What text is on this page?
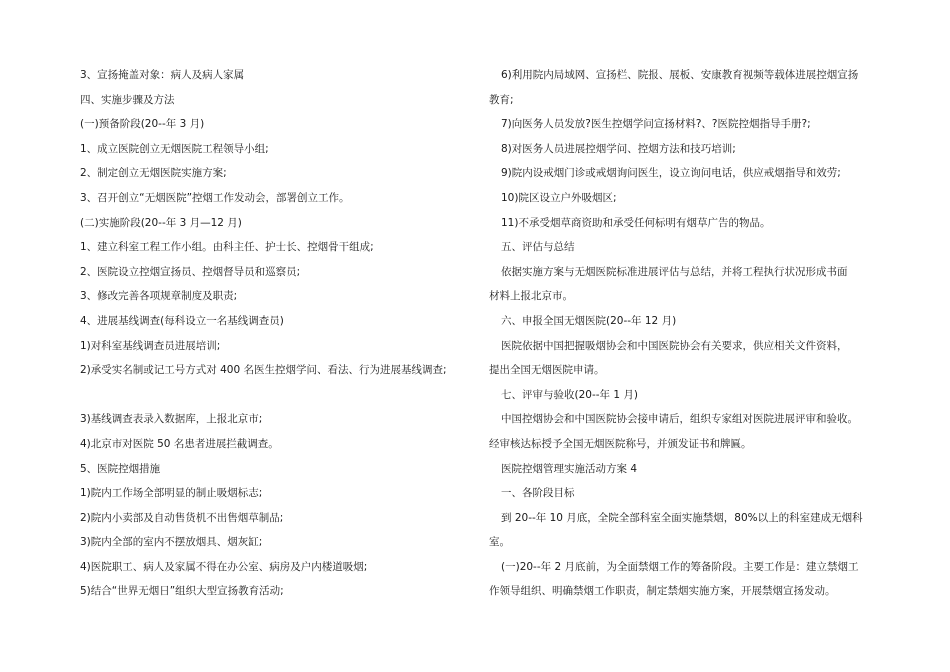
3、宣扬掩盖对象：病人及病人家属
四、实施步骤及方法
(一)预备阶段(20--年 3 月)
1、成立医院创立无烟医院工程领导小组;
2、制定创立无烟医院实施方案;
3、召开创立“无烟医院”控烟工作发动会，部署创立工作。
(二)实施阶段(20--年 3 月—12 月)
1、建立科室工程工作小组。由科主任、护士长、控烟骨干组成;
2、医院设立控烟宣扬员、控烟督导员和巡察员;
3、修改完善各项规章制度及职责;
4、进展基线调查(每科设立一名基线调查员)
1)对科室基线调查员进展培训;
2)承受实名制或记工号方式对 400 名医生控烟学问、看法、行为进展基线调查;
3)基线调查表录入数据库，上报北京市;
4)北京市对医院 50 名患者进展拦截调查。
5、医院控烟措施
1)院内工作场全部明显的制止吸烟标志;
2)院内小卖部及自动售货机不出售烟草制品;
3)院内全部的室内不摆放烟具、烟灰缸;
4)医院职工、病人及家属不得在办公室、病房及户内楼道吸烟;
5)结合“世界无烟日”组织大型宣扬教育活动;
6)利用院内局域网、宣扬栏、院报、展板、安康教育视频等载体进展控烟宣扬
教育;
7)向医务人员发放?医生控烟学问宣扬材料?、?医院控烟指导手册?;
8)对医务人员进展控烟学问、控烟方法和技巧培训;
9)院内设戒烟门诊或戒烟询问医生，设立询问电话，供应戒烟指导和效劳;
10)院区设立户外吸烟区;
11)不承受烟草商资助和承受任何标明有烟草广告的物品。
五、评估与总结
依据实施方案与无烟医院标准进展评估与总结，并将工程执行状况形成书面
材料上报北京市。
六、申报全国无烟医院(20--年 12 月)
医院依据中国把握吸烟协会和中国医院协会有关要求，供应相关文件资料，
提出全国无烟医院申请。
七、评审与验收(20--年 1 月)
中国控烟协会和中国医院协会接申请后，组织专家组对医院进展评审和验收。
经审核达标授予全国无烟医院称号，并颁发证书和牌匾。
医院控烟管理实施活动方案 4
一、各阶段目标
到 20--年 10 月底，全院全部科室全面实施禁烟，80%以上的科室建成无烟科
室。
(一)20--年 2 月底前，为全面禁烟工作的筹备阶段。主要工作是：建立禁烟工
作领导组织、明确禁烟工作职责，制定禁烟实施方案，开展禁烟宣扬发动。
